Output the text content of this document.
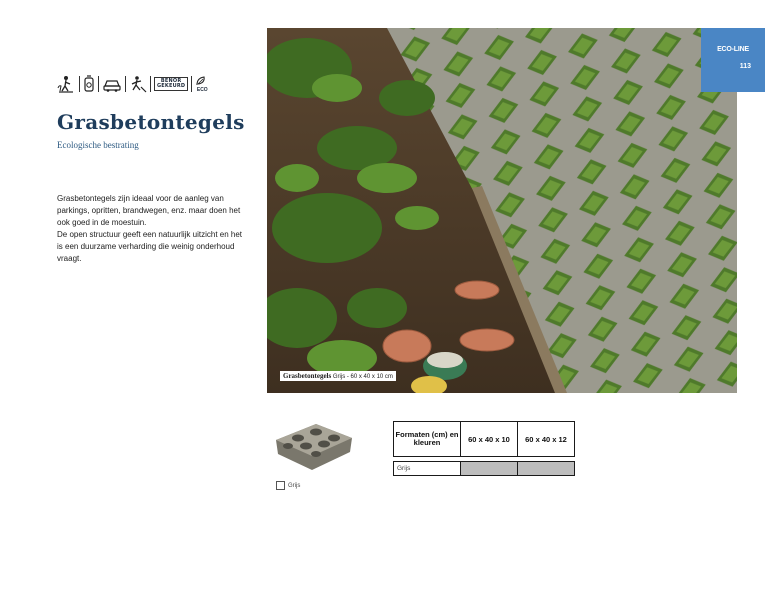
BENOR
GEKEURD
ECO
Grasbetontegels
Ecologische bestrating

Grasbetontegels zijn ideaal voor de aanleg van parkings, opritten, brandwegen, enz. maar doen het ook goed in de moestuin.

De open structuur geeft een natuurlijk uitzicht en het is een duurzame verharding die weinig onderhoud vraagt.

Grasbetontegels Grijs - 60 x 40 x 10 cm
ECO-LINE
113
Grijs
Formaten (cm) en kleuren	60 x 40 x 10	60 x 40 x 12

Grijs		
